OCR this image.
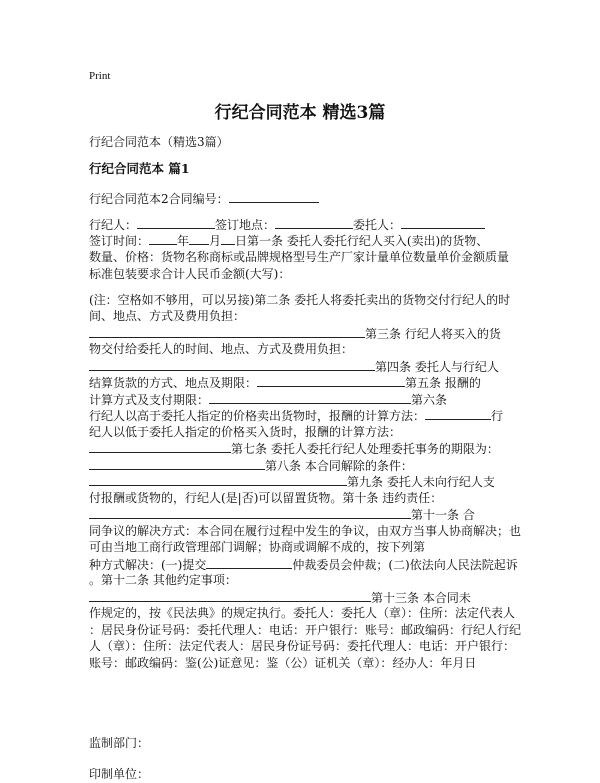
Print
行纪合同范本 精选3篇
行纪合同范本（精选3篇）
行纪合同范本 篇1
行纪合同范本2合同编号：
行纪人：	签订地点：	委托人：
签订时间： 年 月 日第一条 委托人委托行纪人买入(卖出)的货物、
数量、价格：货物名称商标或品牌规格型号生产厂家计量单位数量单价金额质量
标准包装要求合计人民币金额(大写)：
(注：空格如不够用，可以另接)第二条 委托人将委托卖出的货物交付行纪人的时
间、地点、方式及费用负担：
第三条 行纪人将买入的货
物交付给委托人的时间、地点、方式及费用负担：
第四条 委托人与行纪人
结算货款的方式、地点及期限：	第五条 报酬的
计算方式及支付期限：	第六条
行纪人以高于委托人指定的价格卖出货物时，报酬的计算方法：	行
纪人以低于委托人指定的价格买入货时，报酬的计算方法：
第七条 委托人委托行纪人处理委托事务的期限为：
第八条 本合同解除的条件：
第九条 委托人未向行纪人支
付报酬或货物的，行纪人(是|否)可以留置货物。第十条 违约责任：
第十一条 合
同争议的解决方式：本合同在履行过程中发生的争议，由双方当事人协商解决；也
可由当地工商行政管理部门调解；协商或调解不成的，按下列第
种方式解决：(一)提交	仲裁委员会仲裁；(二)依法向人民法院起诉
。第十二条 其他约定事项：
第十三条 本合同未
作规定的，按《民法典》的规定执行。委托人：委托人（章）：住所：法定代表人
：居民身份证号码：委托代理人：电话：开户银行：账号：邮政编码：行纪人行纪
人（章）：住所：法定代表人：居民身份证号码：委托代理人：电话：开户银行：
账号：邮政编码：鉴(公)证意见：鉴（公）证机关（章）：经办人：年月日
监制部门：
印制单位：
